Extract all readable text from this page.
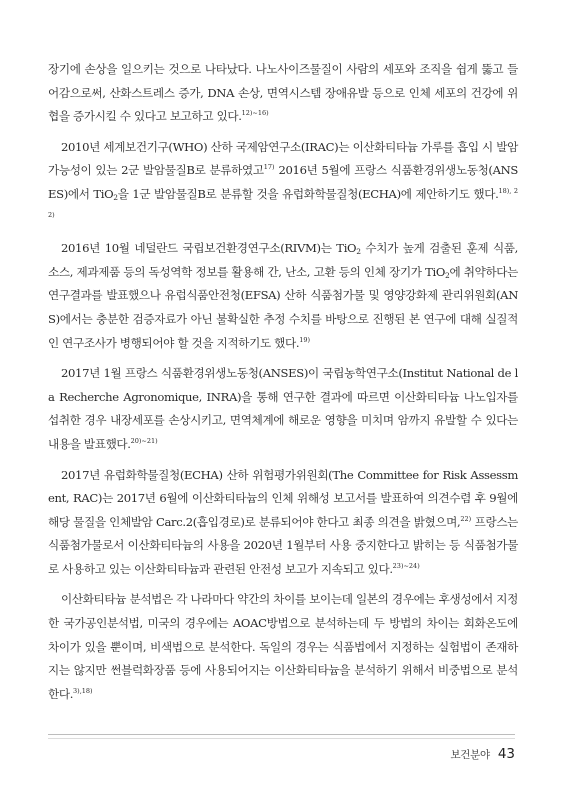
장기에 손상을 일으키는 것으로 나타났다. 나노사이즈물질이 사람의 세포와 조직을 쉽게 뚫고 들어감으로써, 산화스트레스 증가, DNA 손상, 면역시스템 장애유발 등으로 인체 세포의 건강에 위협을 증가시킬 수 있다고 보고하고 있다.$^{12)\sim 16)}$

2010년 세계보건기구(WHO) 산하 국제암연구소(IRAC)는 이산화티타늄 가루를 흡입 시 발암 가능성이 있는 2군 발암물질B로 분류하였고$^{17)}$ 2016년 5월에 프랑스 식품환경위생노동청(ANSES)에서 TiO$_2$을 1군 발암물질B로 분류할 것을 유럽화학물질청(ECHA)에 제안하기도 했다.$^{18), 22)}$

2016년 10월 네덜란드 국립보건환경연구소(RIVM)는 TiO$_2$ 수치가 높게 검출된 훈제 식품, 소스, 제과제품 등의 독성역학 정보를 활용해 간, 난소, 고환 등의 인체 장기가 TiO$_2$에 취약하다는 연구결과를 발표했으나 유럽식품안전청(EFSA) 산하 식품첨가물 및 영양강화제 관리위원회(ANS)에서는 충분한 검증자료가 아닌 불확실한 추정 수치를 바탕으로 진행된 본 연구에 대해 실질적인 연구조사가 병행되어야 할 것을 지적하기도 했다.$^{19)}$

2017년 1월 프랑스 식품환경위생노동청(ANSES)이 국립농학연구소(Institut National de la Recherche Agronomique, INRA)을 통해 연구한 결과에 따르면 이산화티타늄 나노입자를 섭취한 경우 내장세포를 손상시키고, 면역체계에 해로운 영향을 미치며 암까지 유발할 수 있다는 내용을 발표했다.$^{20)\sim 21)}$

2017년 유럽화학물질청(ECHA) 산하 위험평가위원회(The Committee for Risk Assessment, RAC)는 2017년 6월에 이산화티타늄의 인체 위해성 보고서를 발표하여 의견수렴 후 9월에 해당 물질을 인체발암 Carc.2(흡입경로)로 분류되어야 한다고 최종 의견을 밝혔으며,$^{22)}$ 프랑스는 식품첨가물로서 이산화티타늄의 사용을 2020년 1월부터 사용 중지한다고 밝히는 등 식품첨가물로 사용하고 있는 이산화티타늄과 관련된 안전성 보고가 지속되고 있다.$^{23)\sim 24)}$

이산화티타늄 분석법은 각 나라마다 약간의 차이를 보이는데 일본의 경우에는 후생성에서 지정한 국가공인분석법, 미국의 경우에는 AOAC방법으로 분석하는데 두 방법의 차이는 회화온도에 차이가 있을 뿐이며, 비색법으로 분석한다. 독일의 경우는 식품법에서 지정하는 실험법이 존재하지는 않지만 썬블럭화장품 등에 사용되어지는 이산화티타늄을 분석하기 위해서 비중법으로 분석한다.$^{3),18)}$

보건분야 43
